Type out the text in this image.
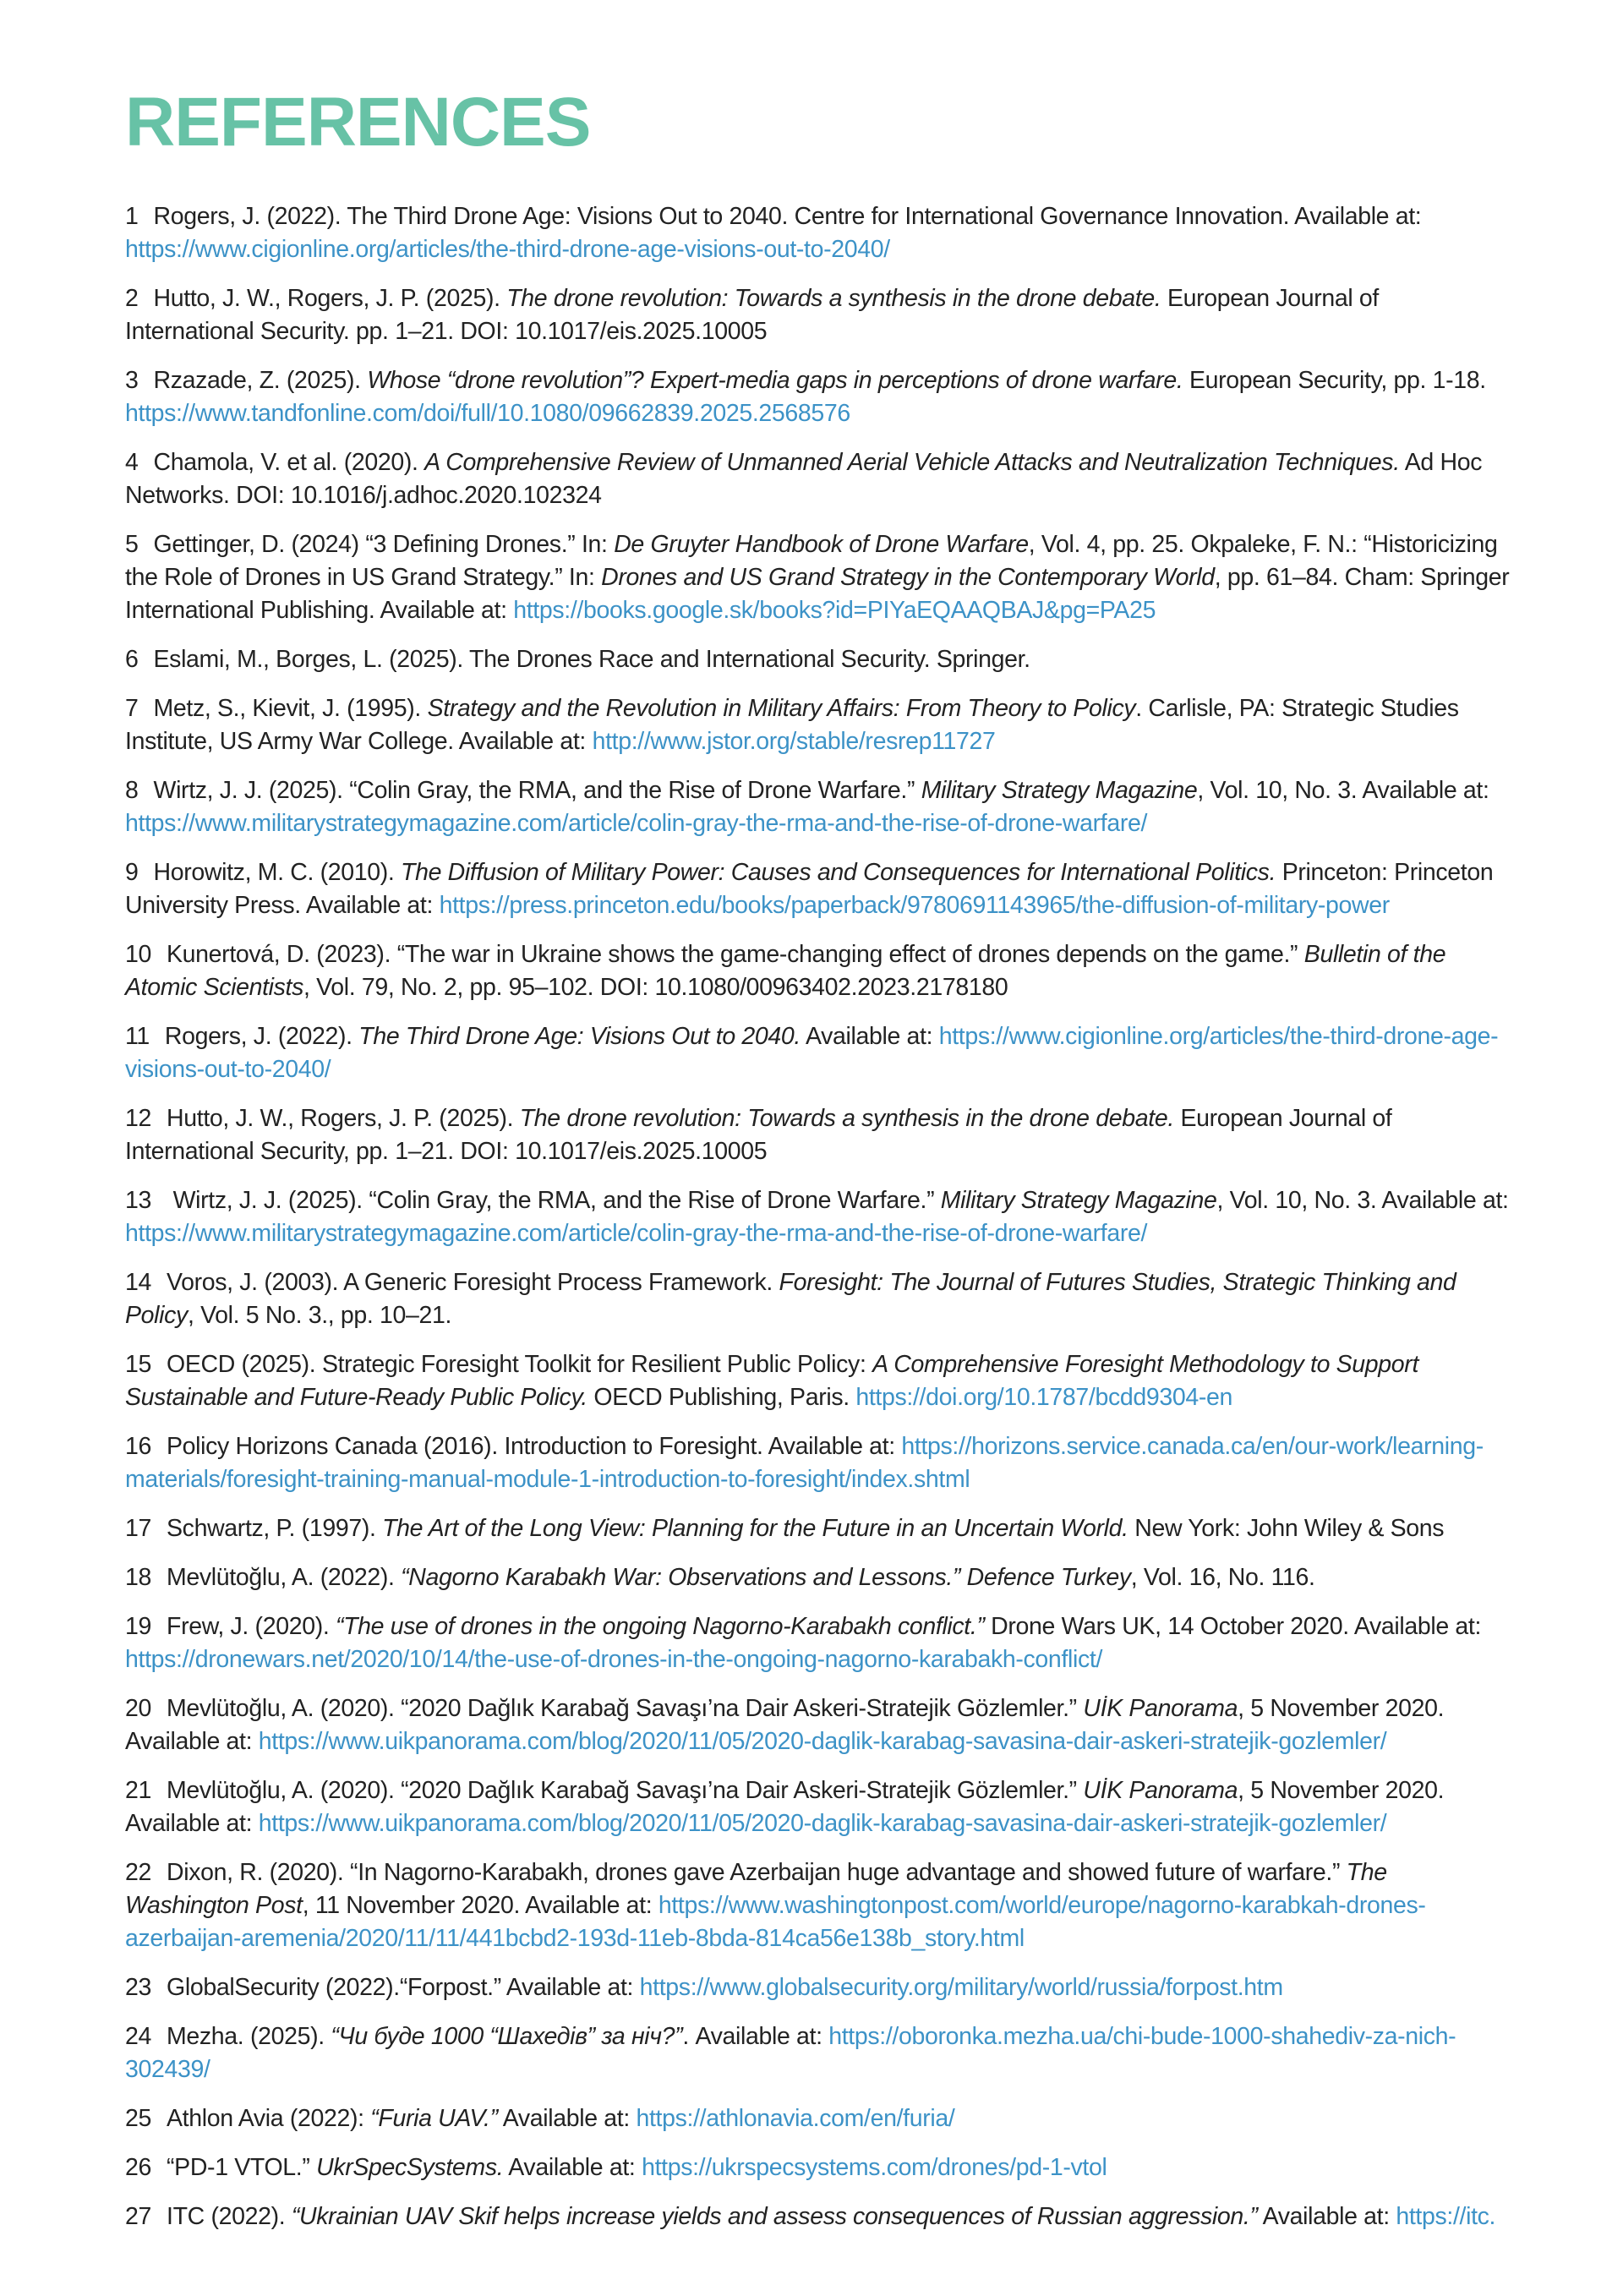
REFERENCES
1 Rogers, J. (2022). The Third Drone Age: Visions Out to 2040. Centre for International Governance Innovation. Available at: https://www.cigionline.org/articles/the-third-drone-age-visions-out-to-2040/
2 Hutto, J. W., Rogers, J. P. (2025). The drone revolution: Towards a synthesis in the drone debate. European Journal of International Security. pp. 1–21. DOI: 10.1017/eis.2025.10005
3 Rzazade, Z. (2025). Whose “drone revolution”? Expert-media gaps in perceptions of drone warfare. European Security, pp. 1-18. https://www.tandfonline.com/doi/full/10.1080/09662839.2025.2568576
4 Chamola, V. et al. (2020). A Comprehensive Review of Unmanned Aerial Vehicle Attacks and Neutralization Techniques. Ad Hoc Networks. DOI: 10.1016/j.adhoc.2020.102324
5 Gettinger, D. (2024) “3 Defining Drones.” In: De Gruyter Handbook of Drone Warfare, Vol. 4, pp. 25. Okpaleke, F. N.: “Historicizing the Role of Drones in US Grand Strategy.” In: Drones and US Grand Strategy in the Contemporary World, pp. 61–84. Cham: Springer International Publishing. Available at: https://books.google.sk/books?id=PIYaEQAAQBAJ&pg=PA25
6 Eslami, M., Borges, L. (2025). The Drones Race and International Security. Springer.
7 Metz, S., Kievit, J. (1995). Strategy and the Revolution in Military Affairs: From Theory to Policy. Carlisle, PA: Strategic Studies Institute, US Army War College. Available at: http://www.jstor.org/stable/resrep11727
8 Wirtz, J. J. (2025). “Colin Gray, the RMA, and the Rise of Drone Warfare.” Military Strategy Magazine, Vol. 10, No. 3. Available at: https://www.militarystrategymagazine.com/article/colin-gray-the-rma-and-the-rise-of-drone-warfare/
9 Horowitz, M. C. (2010). The Diffusion of Military Power: Causes and Consequences for International Politics. Princeton: Princeton University Press. Available at: https://press.princeton.edu/books/paperback/9780691143965/the-diffusion-of-military-power
10 Kunertová, D. (2023). “The war in Ukraine shows the game-changing effect of drones depends on the game.” Bulletin of the Atomic Scientists, Vol. 79, No. 2, pp. 95–102. DOI: 10.1080/00963402.2023.2178180
11 Rogers, J. (2022). The Third Drone Age: Visions Out to 2040. Available at: https://www.cigionline.org/articles/the-third-drone-age-visions-out-to-2040/
12 Hutto, J. W., Rogers, J. P. (2025). The drone revolution: Towards a synthesis in the drone debate. European Journal of International Security, pp. 1–21. DOI: 10.1017/eis.2025.10005
13 Wirtz, J. J. (2025). “Colin Gray, the RMA, and the Rise of Drone Warfare.” Military Strategy Magazine, Vol. 10, No. 3. Available at: https://www.militarystrategymagazine.com/article/colin-gray-the-rma-and-the-rise-of-drone-warfare/
14 Voros, J. (2003). A Generic Foresight Process Framework. Foresight: The Journal of Futures Studies, Strategic Thinking and Policy, Vol. 5 No. 3., pp. 10–21.
15 OECD (2025). Strategic Foresight Toolkit for Resilient Public Policy: A Comprehensive Foresight Methodology to Support Sustainable and Future-Ready Public Policy. OECD Publishing, Paris. https://doi.org/10.1787/bcdd9304-en
16 Policy Horizons Canada (2016). Introduction to Foresight. Available at: https://horizons.service.canada.ca/en/our-work/learning-materials/foresight-training-manual-module-1-introduction-to-foresight/index.shtml
17 Schwartz, P. (1997). The Art of the Long View: Planning for the Future in an Uncertain World. New York: John Wiley & Sons
18 Mevlütoğlu, A. (2022). “Nagorno Karabakh War: Observations and Lessons.” Defence Turkey, Vol. 16, No. 116.
19 Frew, J. (2020). “The use of drones in the ongoing Nagorno-Karabakh conflict.” Drone Wars UK, 14 October 2020. Available at: https://dronewars.net/2020/10/14/the-use-of-drones-in-the-ongoing-nagorno-karabakh-conflict/
20 Mevlütoğlu, A. (2020). “2020 Dağlık Karabağ Savaşı’na Dair Askeri-Stratejik Gözlemler.” UİK Panorama, 5 November 2020. Available at: https://www.uikpanorama.com/blog/2020/11/05/2020-daglik-karabag-savasina-dair-askeri-stratejik-gozlemler/
21 Mevlütoğlu, A. (2020). “2020 Dağlık Karabağ Savaşı’na Dair Askeri-Stratejik Gözlemler.” UİK Panorama, 5 November 2020. Available at: https://www.uikpanorama.com/blog/2020/11/05/2020-daglik-karabag-savasina-dair-askeri-stratejik-gozlemler/
22 Dixon, R. (2020). “In Nagorno-Karabakh, drones gave Azerbaijan huge advantage and showed future of warfare.” The Washington Post, 11 November 2020. Available at: https://www.washingtonpost.com/world/europe/nagorno-karabkah-drones-azerbaijan-aremenia/2020/11/11/441bcbd2-193d-11eb-8bda-814ca56e138b_story.html
23 GlobalSecurity (2022).“Forpost.” Available at: https://www.globalsecurity.org/military/world/russia/forpost.htm
24 Mezha. (2025). “Чи буде 1000 “Шахедів” за ніч?”. Available at: https://oboronka.mezha.ua/chi-bude-1000-shahediv-za-nich-302439/
25 Athlon Avia (2022): “Furia UAV.” Available at: https://athlonavia.com/en/furia/
26 “PD-1 VTOL.” UkrSpecSystems. Available at: https://ukrspecsystems.com/drones/pd-1-vtol
27 ITC (2022). “Ukrainian UAV Skif helps increase yields and assess consequences of Russian aggression.” Available at: https://itc.
